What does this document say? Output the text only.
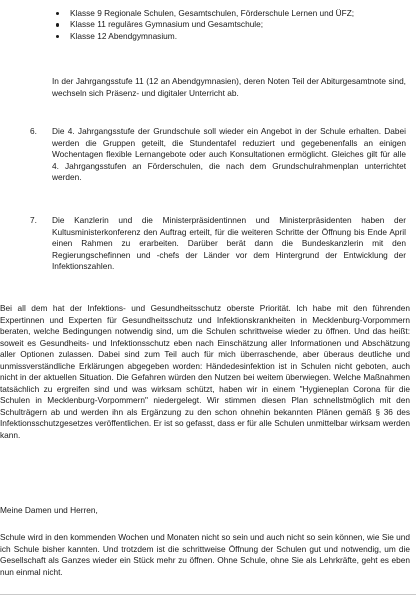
Klasse 9 Regionale Schulen, Gesamtschulen, Förderschule Lernen und ÜFZ;
Klasse 11 reguläres Gymnasium und Gesamtschule;
Klasse 12 Abendgymnasium.

In der Jahrgangsstufe 11 (12 an Abendgymnasien), deren Noten Teil der Abiturgesamtnote sind, wechseln sich Präsenz- und digitaler Unterricht ab.

6. Die 4. Jahrgangsstufe der Grundschule soll wieder ein Angebot in der Schule erhalten. Dabei werden die Gruppen geteilt, die Stundentafel reduziert und gegebenenfalls an einigen Wochentagen flexible Lernangebote oder auch Konsultationen ermöglicht. Gleiches gilt für alle 4. Jahrgangsstufen an Förderschulen, die nach dem Grundschulrahmenplan unterrichtet werden.

7. Die Kanzlerin und die Ministerpräsidentinnen und Ministerpräsidenten haben der Kultusministerkonferenz den Auftrag erteilt, für die weiteren Schritte der Öffnung bis Ende April einen Rahmen zu erarbeiten. Darüber berät dann die Bundeskanzlerin mit den Regierungschefinnen und -chefs der Länder vor dem Hintergrund der Entwicklung der Infektionszahlen.

Bei all dem hat der Infektions- und Gesundheitsschutz oberste Priorität. Ich habe mit den führenden Expertinnen und Experten für Gesundheitsschutz und Infektionskrankheiten in Mecklenburg-Vorpommern beraten, welche Bedingungen notwendig sind, um die Schulen schrittweise wieder zu öffnen. Und das heißt: soweit es Gesundheits- und Infektionsschutz eben nach Einschätzung aller Informationen und Abschätzung aller Optionen zulassen. Dabei sind zum Teil auch für mich überraschende, aber überaus deutliche und unmissverständliche Erklärungen abgegeben worden: Händedesinfektion ist in Schulen nicht geboten, auch nicht in der aktuellen Situation. Die Gefahren würden den Nutzen bei weitem überwiegen. Welche Maßnahmen tatsächlich zu ergreifen sind und was wirksam schützt, haben wir in einem "Hygieneplan Corona für die Schulen in Mecklenburg-Vorpommern" niedergelegt. Wir stimmen diesen Plan schnellstmöglich mit den Schulträgern ab und werden ihn als Ergänzung zu den schon ohnehin bekannten Plänen gemäß § 36 des Infektionsschutzgesetzes veröffentlichen. Er ist so gefasst, dass er für alle Schulen unmittelbar wirksam werden kann.

Meine Damen und Herren,

Schule wird in den kommenden Wochen und Monaten nicht so sein und auch nicht so sein können, wie Sie und ich Schule bisher kannten. Und trotzdem ist die schrittweise Öffnung der Schulen gut und notwendig, um die Gesellschaft als Ganzes wieder ein Stück mehr zu öffnen. Ohne Schule, ohne Sie als Lehrkräfte, geht es eben nun einmal nicht.
